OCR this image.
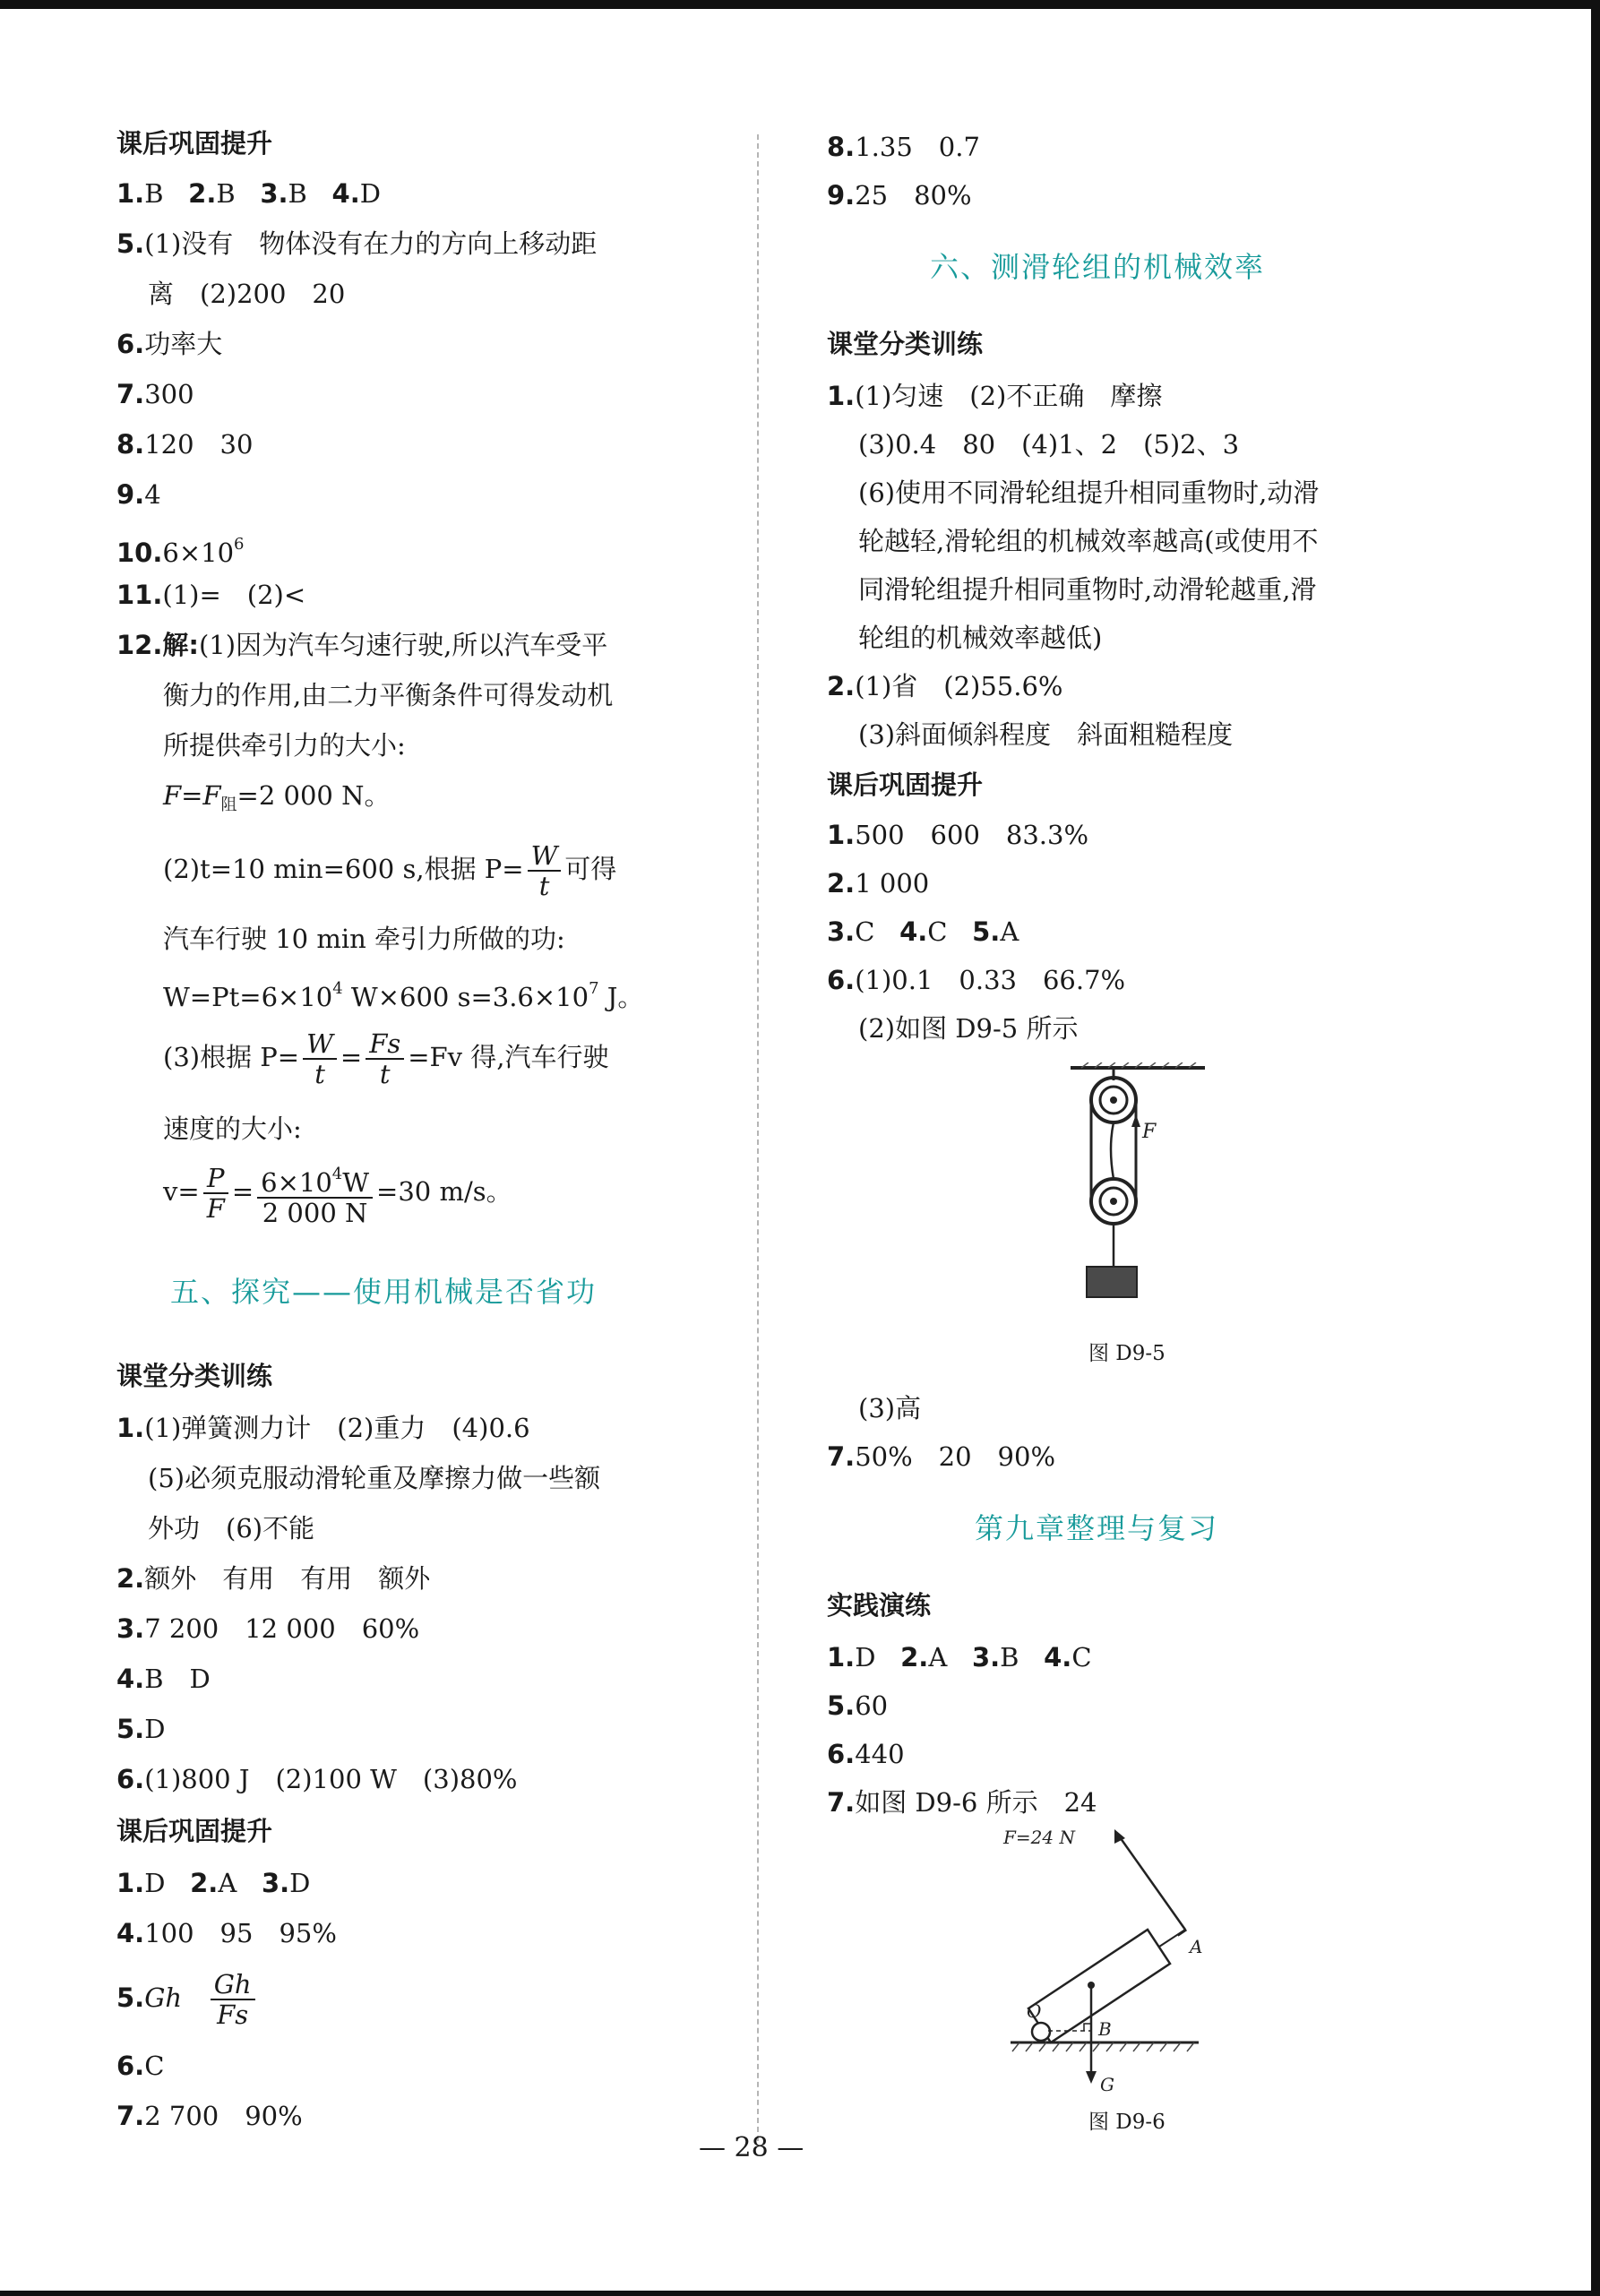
课后巩固提升
1.B 2.B 3.B 4.D
5.(1)没有　物体没有在力的方向上移动距
离　(2)200　20
6.功率大
7.300
8.120　30
9.4
$10.6\times 10^6$
11.(1)=　(2)<
12.解:(1)因为汽车匀速行驶,所以汽车受平
衡力的作用,由二力平衡条件可得发动机
所提供牵引力的大小:
$F=F_阻=2$ 000 N。
(2)t=10 min=600 s,根据 $P= \frac{W}{t}$ 可得
汽车行驶 10 min 牵引力所做的功:
$W=Pt=6\times 10^4$ W×600 $s=3.6\times 10^7$ J。
(3)根据 $P= \frac{W}{t} = \frac{Fs}{t} =Fv$ 得,汽车行驶
速度的大小:
$v= \frac{P}{F} = \frac{6\times 10^4W}{2 000 N} =30$ m/s。
五、探究——使用机械是否省功
课堂分类训练
1.(1)弹簧测力计　(2)重力　(4)0.6
(5)必须克服动滑轮重及摩擦力做一些额
外功　(6)不能
2.额外　有用　有用　额外
3.7 200　12 000　60%
4.B　D
5.D
6.(1)800 J　(2)100 W　(3)80%
课后巩固提升
1.D 2.A 3.D
4.100　95　95%
$5.Gh \frac{Gh}{Fs}$
6.C
7.2 700　90%
8.1.35　0.7
9.25　80%
六、测滑轮组的机械效率
课堂分类训练
1.(1)匀速　(2)不正确　摩擦
(3)0.4　80　(4)1、2　(5)2、3
(6)使用不同滑轮组提升相同重物时,动滑
轮越轻,滑轮组的机械效率越高(或使用不
同滑轮组提升相同重物时,动滑轮越重,滑
轮组的机械效率越低)
2.(1)省　(2)55.6%
(3)斜面倾斜程度　斜面粗糙程度
课后巩固提升
1.500　600　83.3%
2.1 000
3.C 4.C 5.A
6.(1)0.1　0.33　66.7%
(2)如图 D9-5 所示
F
图 D9-5
(3)高
7.50%　20　90%
第九章整理与复习
实践演练
1.D 2.A 3.B 4.C
5.60
6.440
7.如图 D9-6 所示　24
F=24 N
A
O
B
G
图 D9-6
— 28 —
